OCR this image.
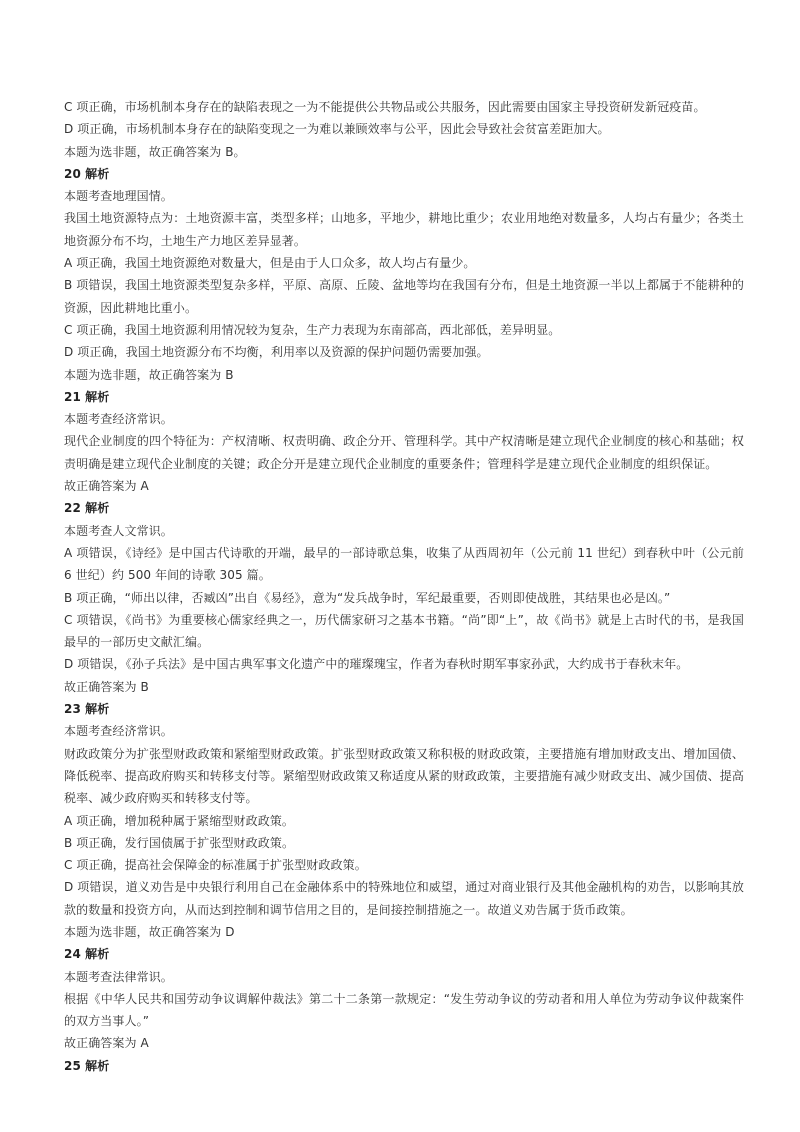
C 项正确，市场机制本身存在的缺陷表现之一为不能提供公共物品或公共服务，因此需要由国家主导投资研发新冠疫苗。

D 项正确，市场机制本身存在的缺陷变现之一为难以兼顾效率与公平，因此会导致社会贫富差距加大。

本题为选非题，故正确答案为 B。

20 解析

本题考查地理国情。

我国土地资源特点为：土地资源丰富，类型多样；山地多，平地少，耕地比重少；农业用地绝对数量多，人均占有量少；各类土地资源分布不均，土地生产力地区差异显著。

A 项正确，我国土地资源绝对数量大，但是由于人口众多，故人均占有量少。

B 项错误，我国土地资源类型复杂多样，平原、高原、丘陵、盆地等均在我国有分布，但是土地资源一半以上都属于不能耕种的资源，因此耕地比重小。

C 项正确，我国土地资源利用情况较为复杂，生产力表现为东南部高，西北部低，差异明显。

D 项正确，我国土地资源分布不均衡，利用率以及资源的保护问题仍需要加强。

本题为选非题，故正确答案为 B

21 解析

本题考查经济常识。

现代企业制度的四个特征为：产权清晰、权责明确、政企分开、管理科学。其中产权清晰是建立现代企业制度的核心和基础；权责明确是建立现代企业制度的关键；政企分开是建立现代企业制度的重要条件；管理科学是建立现代企业制度的组织保证。

故正确答案为 A

22 解析

本题考查人文常识。

A 项错误，《诗经》是中国古代诗歌的开端，最早的一部诗歌总集，收集了从西周初年（公元前 11 世纪）到春秋中叶（公元前 6 世纪）约 500 年间的诗歌 305 篇。

B 项正确，“师出以律，否臧凶”出自《易经》，意为“发兵战争时，军纪最重要，否则即使战胜，其结果也必是凶。”

C 项错误，《尚书》为重要核心儒家经典之一，历代儒家研习之基本书籍。“尚”即“上”，故《尚书》就是上古时代的书，是我国最早的一部历史文献汇编。

D 项错误，《孙子兵法》是中国古典军事文化遗产中的璀璨瑰宝，作者为春秋时期军事家孙武，大约成书于春秋末年。

故正确答案为 B

23 解析

本题考查经济常识。

财政政策分为扩张型财政政策和紧缩型财政政策。扩张型财政政策又称积极的财政政策，主要措施有增加财政支出、增加国债、降低税率、提高政府购买和转移支付等。紧缩型财政政策又称适度从紧的财政政策，主要措施有减少财政支出、减少国债、提高税率、减少政府购买和转移支付等。

A 项正确，增加税种属于紧缩型财政政策。

B 项正确，发行国债属于扩张型财政政策。

C 项正确，提高社会保障金的标准属于扩张型财政政策。

D 项错误，道义劝告是中央银行利用自己在金融体系中的特殊地位和威望，通过对商业银行及其他金融机构的劝告，以影响其放款的数量和投资方向，从而达到控制和调节信用之目的，是间接控制措施之一。故道义劝告属于货币政策。

本题为选非题，故正确答案为 D

24 解析

本题考查法律常识。

根据《中华人民共和国劳动争议调解仲裁法》第二十二条第一款规定：“发生劳动争议的劳动者和用人单位为劳动争议仲裁案件的双方当事人。”

故正确答案为 A

25 解析
